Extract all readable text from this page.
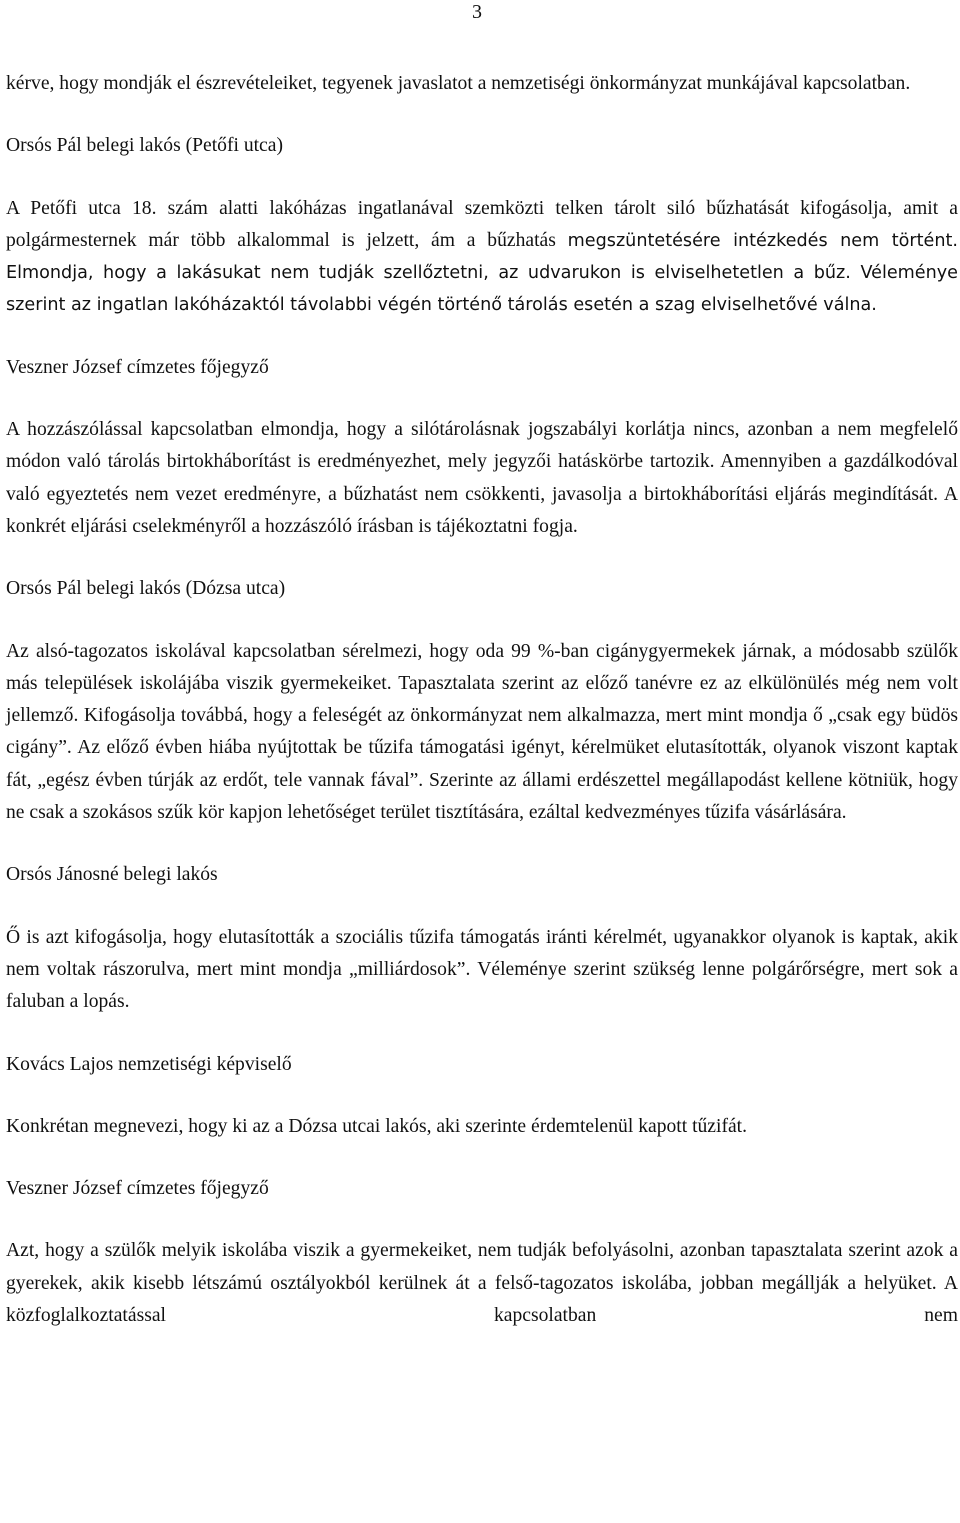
3

kérve, hogy mondják el észrevételeiket, tegyenek javaslatot a nemzetiségi önkormányzat munkájával kapcsolatban.

Orsós Pál belegi lakós (Petőfi utca)

A Petőfi utca 18. szám alatti lakóházas ingatlanával szemközti telken tárolt siló bűzhatását kifogásolja, amit a polgármesternek már több alkalommal is jelzett, ám a bűzhatás megszüntetésére intézkedés nem történt. Elmondja, hogy a lakásukat nem tudják szellőztetni, az udvarukon is elviselhetetlen a bűz. Véleménye szerint az ingatlan lakóházaktól távolabbi végén történő tárolás esetén a szag elviselhetővé válna.

Veszner József címzetes főjegyző

A hozzászólással kapcsolatban elmondja, hogy a silótárolásnak jogszabályi korlátja nincs, azonban a nem megfelelő módon való tárolás birtokháborítást is eredményezhet, mely jegyzői hatáskörbe tartozik. Amennyiben a gazdálkodóval való egyeztetés nem vezet eredményre, a bűzhatást nem csökkenti, javasolja a birtokháborítási eljárás megindítását. A konkrét eljárási cselekményről a hozzászóló írásban is tájékoztatni fogja.

Orsós Pál belegi lakós (Dózsa utca)

Az alsó-tagozatos iskolával kapcsolatban sérelmezi, hogy oda 99 %-ban cigánygyermekek járnak, a módosabb szülők más települések iskolájába viszik gyermekeiket. Tapasztalata szerint az előző tanévre ez az elkülönülés még nem volt jellemző. Kifogásolja továbbá, hogy a feleségét az önkormányzat nem alkalmazza, mert mint mondja ő „csak egy büdös cigány”. Az előző évben hiába nyújtottak be tűzifa támogatási igényt, kérelmüket elutasították, olyanok viszont kaptak fát, „egész évben túrják az erdőt, tele vannak fával”. Szerinte az állami erdészettel megállapodást kellene kötniük, hogy ne csak a szokásos szűk kör kapjon lehetőséget terület tisztítására, ezáltal kedvezményes tűzifa vásárlására.

Orsós Jánosné belegi lakós

Ő is azt kifogásolja, hogy elutasították a szociális tűzifa támogatás iránti kérelmét, ugyanakkor olyanok is kaptak, akik nem voltak rászorulva, mert mint mondja „milliárdosok”. Véleménye szerint szükség lenne polgárőrségre, mert sok a faluban a lopás.

Kovács Lajos nemzetiségi képviselő

Konkrétan megnevezi, hogy ki az a Dózsa utcai lakós, aki szerinte érdemtelenül kapott tűzifát.

Veszner József címzetes főjegyző

Azt, hogy a szülők melyik iskolába viszik a gyermekeiket, nem tudják befolyásolni, azonban tapasztalata szerint azok a gyerekek, akik kisebb létszámú osztályokból kerülnek át a felső-tagozatos iskolába, jobban megállják a helyüket. A közfoglalkoztatással kapcsolatban nem
